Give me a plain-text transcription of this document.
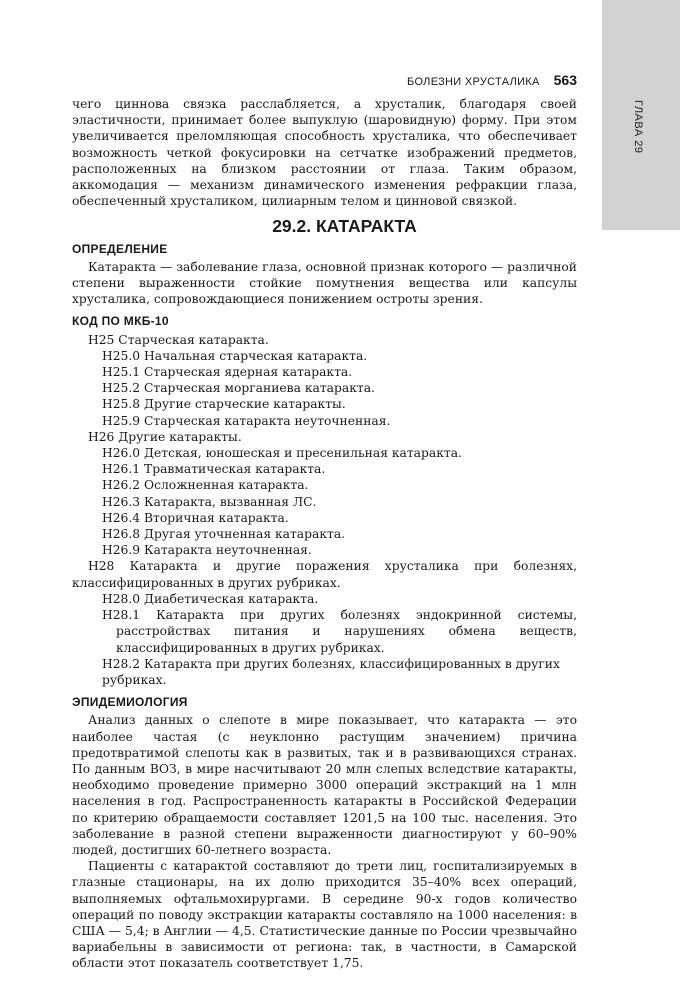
ГЛАВА 29
БОЛЕЗНИ ХРУСТАЛИКА 563

чего циннова связка расслабляется, а хрусталик, благодаря своей эластичности, принимает более выпуклую (шаровидную) форму. При этом увеличивается преломляющая способность хрусталика, что обеспечивает возможность четкой фокусировки на сетчатке изображений предметов, расположенных на близком расстоянии от глаза. Таким образом, аккомодация — механизм динамического изменения рефракции глаза, обеспеченный хрусталиком, цилиарным телом и цинновой связкой.

29.2. КАТАРАКТА
ОПРЕДЕЛЕНИЕ

Катаракта — заболевание глаза, основной признак которого — различной степени выраженности стойкие помутнения вещества или капсулы хрусталика, сопровождающиеся понижением остроты зрения.

КОД ПО МКБ-10
H25 Старческая катаракта.
H25.0 Начальная старческая катаракта.
H25.1 Старческая ядерная катаракта.
H25.2 Старческая морганиева катаракта.
H25.8 Другие старческие катаракты.
H25.9 Старческая катаракта неуточненная.
H26 Другие катаракты.
H26.0 Детская, юношеская и пресенильная катаракта.
H26.1 Травматическая катаракта.
H26.2 Осложненная катаракта.
H26.3 Катаракта, вызванная ЛС.
H26.4 Вторичная катаракта.
H26.8 Другая уточненная катаракта.
H26.9 Катаракта неуточненная.
H28 Катаракта и другие поражения хрусталика при болезнях, классифицированных в других рубриках.
H28.0 Диабетическая катаракта.
H28.1 Катаракта при других болезнях эндокринной системы, расстройствах питания и нарушениях обмена веществ, классифицированных в других рубриках.
H28.2 Катаракта при других болезнях, классифицированных в других рубриках.
ЭПИДЕМИОЛОГИЯ

Анализ данных о слепоте в мире показывает, что катаракта — это наиболее частая (с неуклонно растущим значением) причина предотвратимой слепоты как в развитых, так и в развивающихся странах. По данным ВОЗ, в мире насчитывают 20 млн слепых вследствие катаракты, необходимо проведение примерно 3000 операций экстракций на 1 млн населения в год. Распространенность катаракты в Российской Федерации по критерию обращаемости составляет 1201,5 на 100 тыс. населения. Это заболевание в разной степени выраженности диагностируют у 60–90% людей, достигших 60-летнего возраста.

Пациенты с катарактой составляют до трети лиц, госпитализируемых в глазные стационары, на их долю приходится 35–40% всех операций, выполняемых офтальмохирургами. В середине 90-х годов количество операций по поводу экстракции катаракты составляло на 1000 населения: в США — 5,4; в Англии — 4,5. Статистические данные по России чрезвычайно вариабельны в зависимости от региона: так, в частности, в Самарской области этот показатель соответствует 1,75.
